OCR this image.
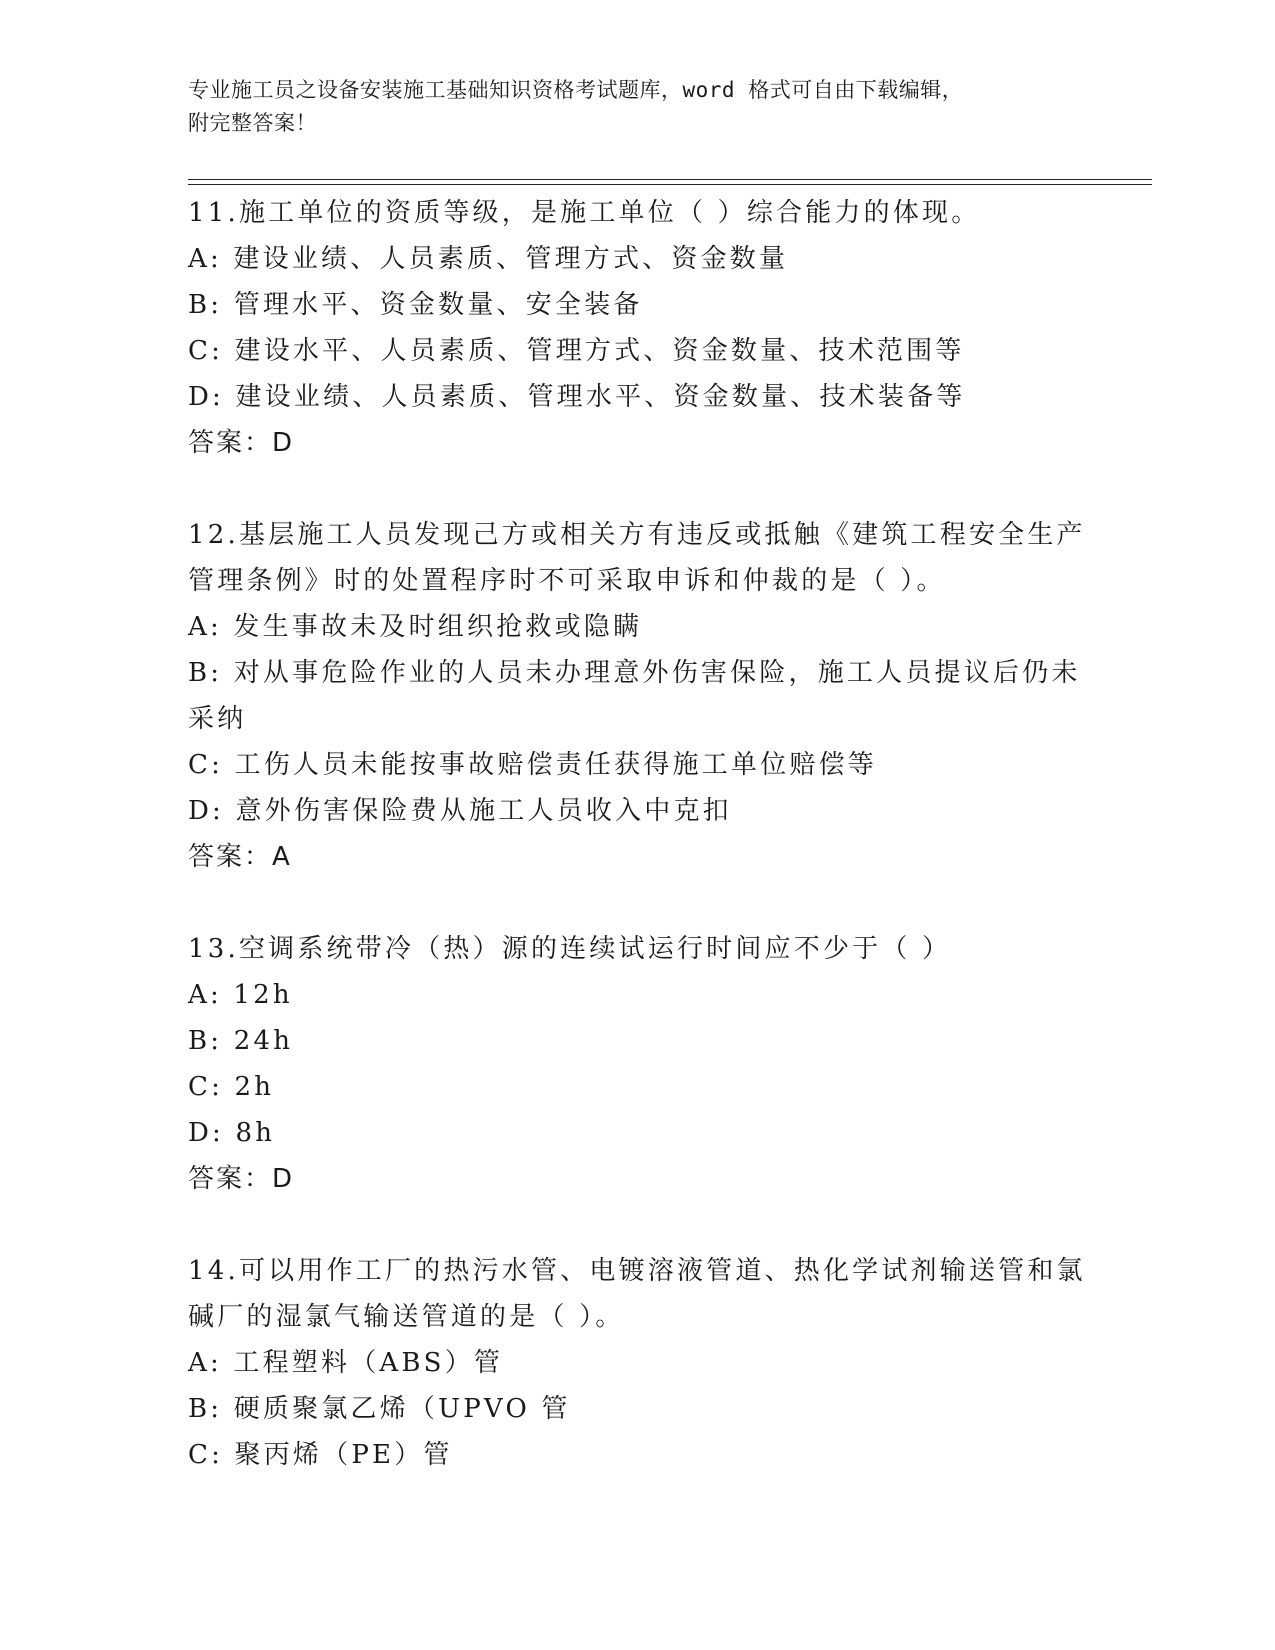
专业施工员之设备安装施工基础知识资格考试题库，word 格式可自由下载编辑，
附完整答案！
11.施工单位的资质等级，是施工单位（ ）综合能力的体现。
A: 建设业绩、人员素质、管理方式、资金数量
B: 管理水平、资金数量、安全装备
C: 建设水平、人员素质、管理方式、资金数量、技术范围等
D: 建设业绩、人员素质、管理水平、资金数量、技术装备等
答案：D
12.基层施工人员发现己方或相关方有违反或抵触《建筑工程安全生产
管理条例》时的处置程序时不可采取申诉和仲裁的是（ ）。
A: 发生事故未及时组织抢救或隐瞒
B: 对从事危险作业的人员未办理意外伤害保险，施工人员提议后仍未
采纳
C: 工伤人员未能按事故赔偿责任获得施工单位赔偿等
D: 意外伤害保险费从施工人员收入中克扣
答案：A
13.空调系统带冷（热）源的连续试运行时间应不少于（ ）
A: 12h
B: 24h
C: 2h
D: 8h
答案：D
14.可以用作工厂的热污水管、电镀溶液管道、热化学试剂输送管和氯
碱厂的湿氯气输送管道的是（ ）。
A: 工程塑料（ABS）管
B: 硬质聚氯乙烯（UPVO 管
C: 聚丙烯（PE）管
